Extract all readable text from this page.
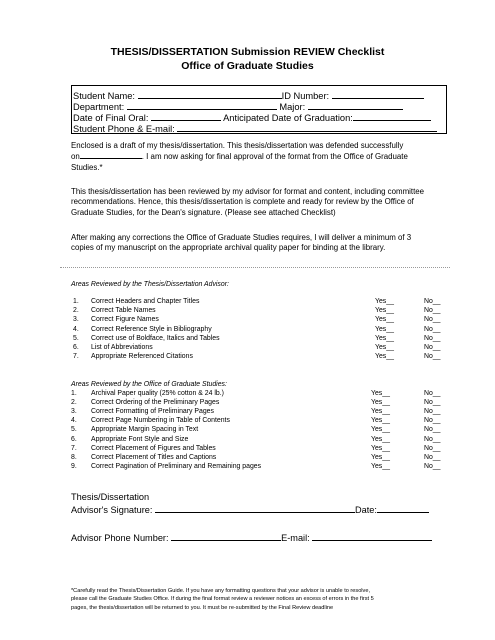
THESIS/DISSERTATION Submission REVIEW Checklist
Office of Graduate Studies
Student Name:	ID Number:
Department:	Major:
Date of Final Oral:	Anticipated Date of Graduation:
Student Phone & E-mail:
Enclosed is a draft of my thesis/dissertation. This thesis/dissertation was defended successfully
on	. I am now asking for final approval of the format from the Office of Graduate
Studies.*
This thesis/dissertation has been reviewed by my advisor for format and content, including committee
recommendations. Hence, this thesis/dissertation is complete and ready for review by the Office of
Graduate Studies, for the Dean's signature. (Please see attached Checklist)
After making any corrections the Office of Graduate Studies requires, I will deliver a minimum of 3
copies of my manuscript on the appropriate archival quality paper for binding at the library.
Areas Reviewed by the Thesis/Dissertation Advisor:
1. Correct Headers and Chapter Titles	Yes__	No__
2. Correct Table Names	Yes__	No__
3. Correct Figure Names	Yes__	No__
4. Correct Reference Style in Bibliography	Yes__	No__
5. Correct use of Boldface, Italics and Tables	Yes__	No__
6. List of Abbreviations	Yes__	No__
7. Appropriate Referenced Citations	Yes__	No__
Areas Reviewed by the Office of Graduate Studies:
1. Archival Paper quality (25% cotton & 24 lb.)	Yes__	No__
2. Correct Ordering of the Preliminary Pages	Yes__	No__
3. Correct Formatting of Preliminary Pages	Yes__	No__
4. Correct Page Numbering in Table of Contents	Yes__	No__
5. Appropriate Margin Spacing in Text	Yes__	No__
6. Appropriate Font Style and Size	Yes__	No__
7. Correct Placement of Figures and Tables	Yes__	No__
8. Correct Placement of Titles and Captions	Yes__	No__
9. Correct Pagination of Preliminary and Remaining pages	Yes__	No__
Thesis/Dissertation
Advisor's Signature:	Date:
Advisor Phone Number:	E-mail:
*Carefully read the Thesis/Dissertation Guide. If you have any formatting questions that your advisor is unable to resolve,
please call the Graduate Studies Office. If during the final format review a reviewer notices an excess of errors in the first 5
pages, the thesis/dissertation will be returned to you. It must be re-submitted by the Final Review deadline
